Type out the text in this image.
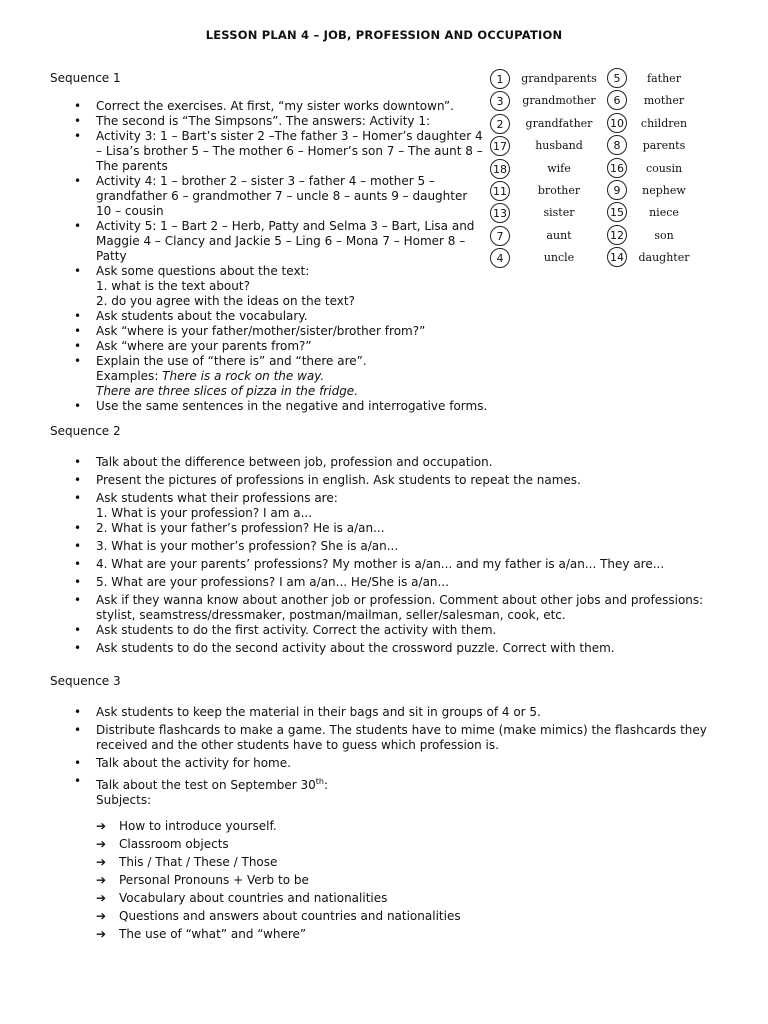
LESSON PLAN 4 – JOB, PROFESSION AND OCCUPATION
Sequence 1	1	grandparents	5	father
3	grandmother	6	mother
2	grandfather	10	children
17	husband	8	parents
18	wife	16	cousin
11	brother	9	nephew
13	sister	15	niece
7	aunt	12	son
4	uncle	14	daughter
• Correct the exercises. At first, “my sister works downtown”.
• The second is “The Simpsons”. The answers: Activity 1:
• Activity 3: 1 – Bart’s sister 2 –The father 3 – Homer’s daughter 4 – Lisa’s brother 5 – The mother 6 – Homer’s son 7 – The aunt 8 – The parents
• Activity 4: 1 – brother 2 – sister 3 – father 4 – mother 5 – grandfather 6 – grandmother 7 – uncle 8 – aunts 9 – daughter 10 – cousin
• Activity 5: 1 – Bart 2 – Herb, Patty and Selma 3 – Bart, Lisa and Maggie 4 – Clancy and Jackie 5 – Ling 6 – Mona 7 – Homer 8 – Patty
• Ask some questions about the text:
1. what is the text about?
2. do you agree with the ideas on the text?
• Ask students about the vocabulary.
• Ask “where is your father/mother/sister/brother from?”
• Ask “where are your parents from?”
• Explain the use of “there is” and “there are”.
Examples: There is a rock on the way.
There are three slices of pizza in the fridge.
• Use the same sentences in the negative and interrogative forms.
Sequence 2
• Talk about the difference between job, profession and occupation.
• Present the pictures of professions in english. Ask students to repeat the names.
• Ask students what their professions are:
1. What is your profession? I am a...
• 2. What is your father’s profession? He is a/an...
• 3. What is your mother’s profession? She is a/an...
• 4. What are your parents’ professions? My mother is a/an... and my father is a/an... They are...
• 5. What are your professions? I am a/an... He/She is a/an...
• Ask if they wanna know about another job or profession. Comment about other jobs and professions: stylist, seamstress/dressmaker, postman/mailman, seller/salesman, cook, etc.
• Ask students to do the first activity. Correct the activity with them.
• Ask students to do the second activity about the crossword puzzle. Correct with them.
Sequence 3
• Ask students to keep the material in their bags and sit in groups of 4 or 5.
• Distribute flashcards to make a game. The students have to mime (make mimics) the flashcards they received and the other students have to guess which profession is.
• Talk about the activity for home.
• Talk about the test on September 30th:
Subjects:
➔ How to introduce yourself.
➔ Classroom objects
➔ This / That / These / Those
➔ Personal Pronouns + Verb to be
➔ Vocabulary about countries and nationalities
➔ Questions and answers about countries and nationalities
➔ The use of “what” and “where”
